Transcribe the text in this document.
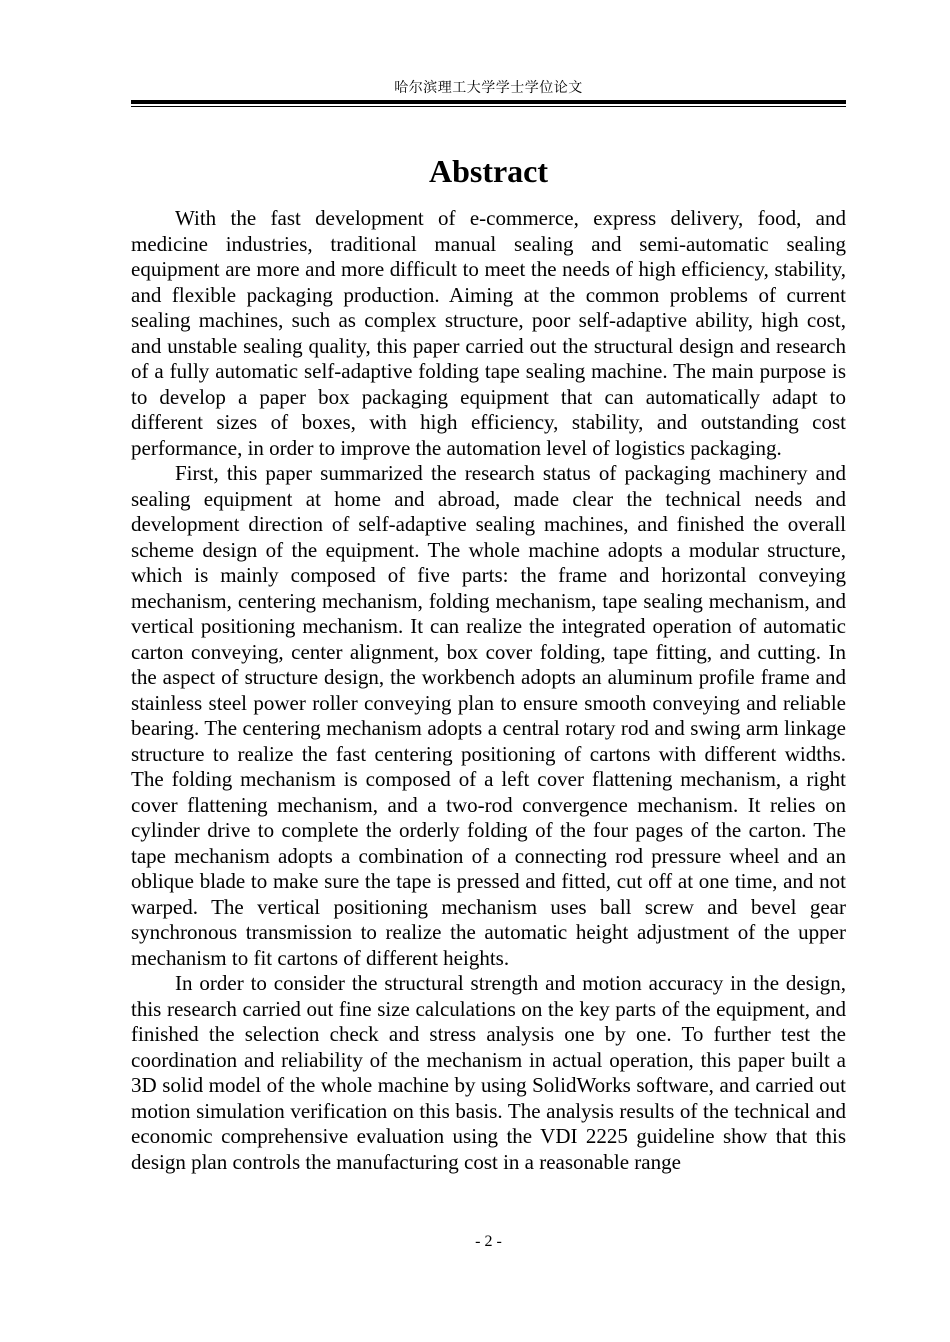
哈尔滨理工大学学士学位论文
Abstract

With the fast development of e-commerce, express delivery, food, and medicine industries, traditional manual sealing and semi-automatic sealing equipment are more and more difficult to meet the needs of high efficiency, stability, and flexible packaging production. Aiming at the common problems of current sealing machines, such as complex structure, poor self-adaptive ability, high cost, and unstable sealing quality, this paper carried out the structural design and research of a fully automatic self-adaptive folding tape sealing machine. The main purpose is to develop a paper box packaging equipment that can automatically adapt to different sizes of boxes, with high efficiency, stability, and outstanding cost performance, in order to improve the automation level of logistics packaging.

First, this paper summarized the research status of packaging machinery and sealing equipment at home and abroad, made clear the technical needs and development direction of self-adaptive sealing machines, and finished the overall scheme design of the equipment. The whole machine adopts a modular structure, which is mainly composed of five parts: the frame and horizontal conveying mechanism, centering mechanism, folding mechanism, tape sealing mechanism, and vertical positioning mechanism. It can realize the integrated operation of automatic carton conveying, center alignment, box cover folding, tape fitting, and cutting. In the aspect of structure design, the workbench adopts an aluminum profile frame and stainless steel power roller conveying plan to ensure smooth conveying and reliable bearing. The centering mechanism adopts a central rotary rod and swing arm linkage structure to realize the fast centering positioning of cartons with different widths. The folding mechanism is composed of a left cover flattening mechanism, a right cover flattening mechanism, and a two-rod convergence mechanism. It relies on cylinder drive to complete the orderly folding of the four pages of the carton. The tape mechanism adopts a combination of a connecting rod pressure wheel and an oblique blade to make sure the tape is pressed and fitted, cut off at one time, and not warped. The vertical positioning mechanism uses ball screw and bevel gear synchronous transmission to realize the automatic height adjustment of the upper mechanism to fit cartons of different heights.

In order to consider the structural strength and motion accuracy in the design, this research carried out fine size calculations on the key parts of the equipment, and finished the selection check and stress analysis one by one. To further test the coordination and reliability of the mechanism in actual operation, this paper built a 3D solid model of the whole machine by using SolidWorks software, and carried out motion simulation verification on this basis. The analysis results of the technical and economic comprehensive evaluation using the VDI 2225 guideline show that this design plan controls the manufacturing cost in a reasonable range

- 2 -
